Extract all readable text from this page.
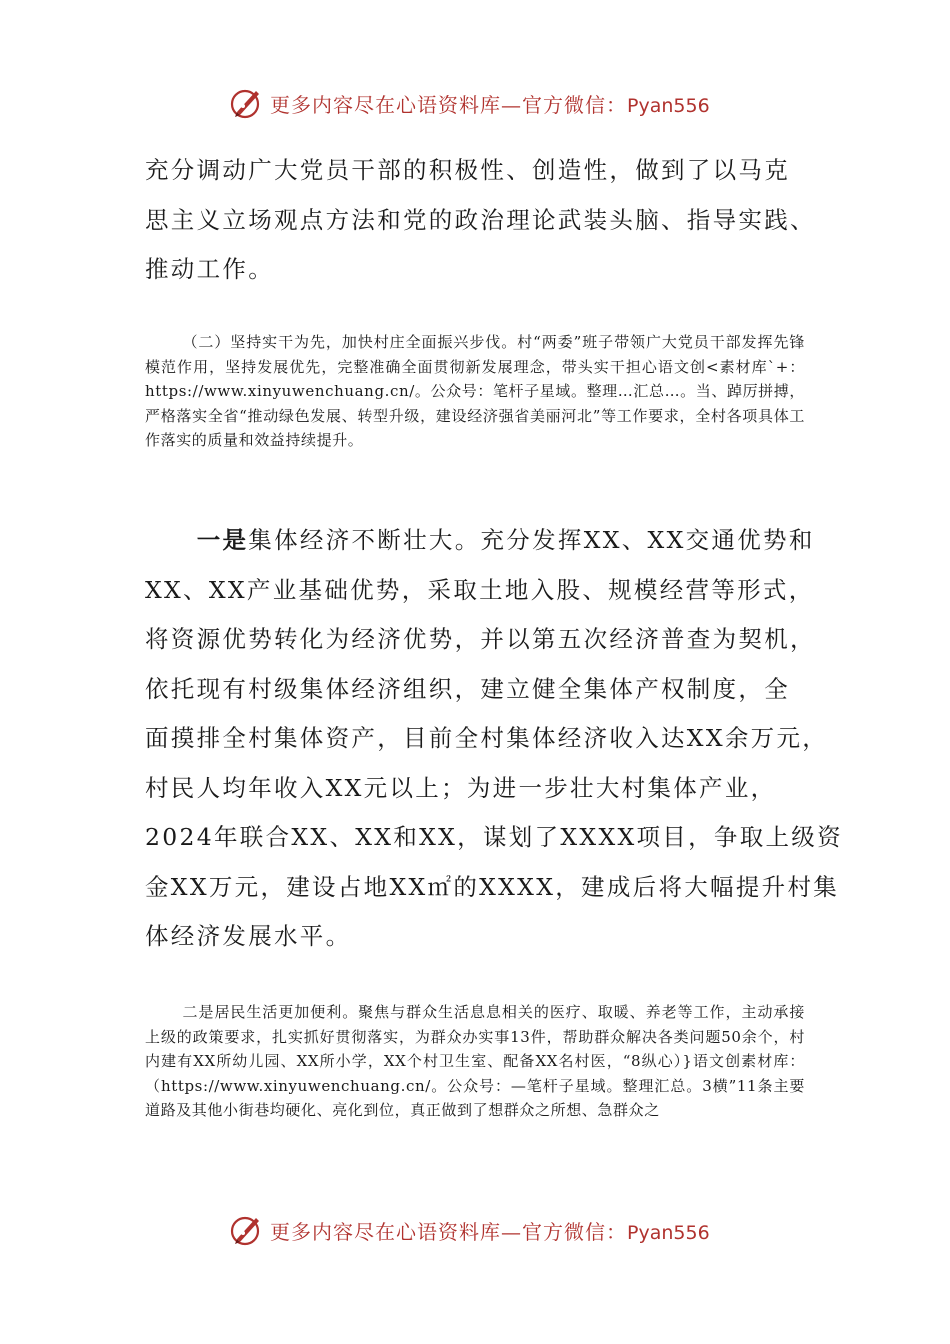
更多内容尽在心语资料库—官方微信：Pyan556

充分调动广大党员干部的积极性、创造性，做到了以马克
思主义立场观点方法和党的政治理论武装头脑、指导实践、
推动工作。

（二）坚持实干为先，加快村庄全面振兴步伐。村“两委”班子带领广大党员干部发挥先锋模范作用，坚持发展优先，完整准确全面贯彻新发展理念，带头实干担心语文创<素材库`+：https://www.xinyuwenchuang.cn/。公众号：笔杆子星域。整理…汇总…。当、踔厉拼搏，严格落实全省“推动绿色发展、转型升级，建设经济强省美丽河北”等工作要求，全村各项具体工作落实的质量和效益持续提升。

一是集体经济不断壮大。充分发挥XX、XX交通优势和
XX、XX产业基础优势，采取土地入股、规模经营等形式，
将资源优势转化为经济优势，并以第五次经济普查为契机，
依托现有村级集体经济组织，建立健全集体产权制度，全
面摸排全村集体资产，目前全村集体经济收入达XX余万元，
村民人均年收入XX元以上；为进一步壮大村集体产业，
2024年联合XX、XX和XX，谋划了XXXX项目，争取上级资
金XX万元，建设占地XX㎡的XXXX，建成后将大幅提升村集
体经济发展水平。

二是居民生活更加便利。聚焦与群众生活息息相关的医疗、取暖、养老等工作，主动承接上级的政策要求，扎实抓好贯彻落实，为群众办实事13件，帮助群众解决各类问题50余个，村内建有XX所幼儿园、XX所小学，XX个村卫生室、配备XX名村医，“8纵心）}语文创素材库：（https://www.xinyuwenchuang.cn/。公众号：—笔杆子星域。整理汇总。3横”11条主要道路及其他小街巷均硬化、亮化到位，真正做到了想群众之所想、急群众之

更多内容尽在心语资料库—官方微信：Pyan556
